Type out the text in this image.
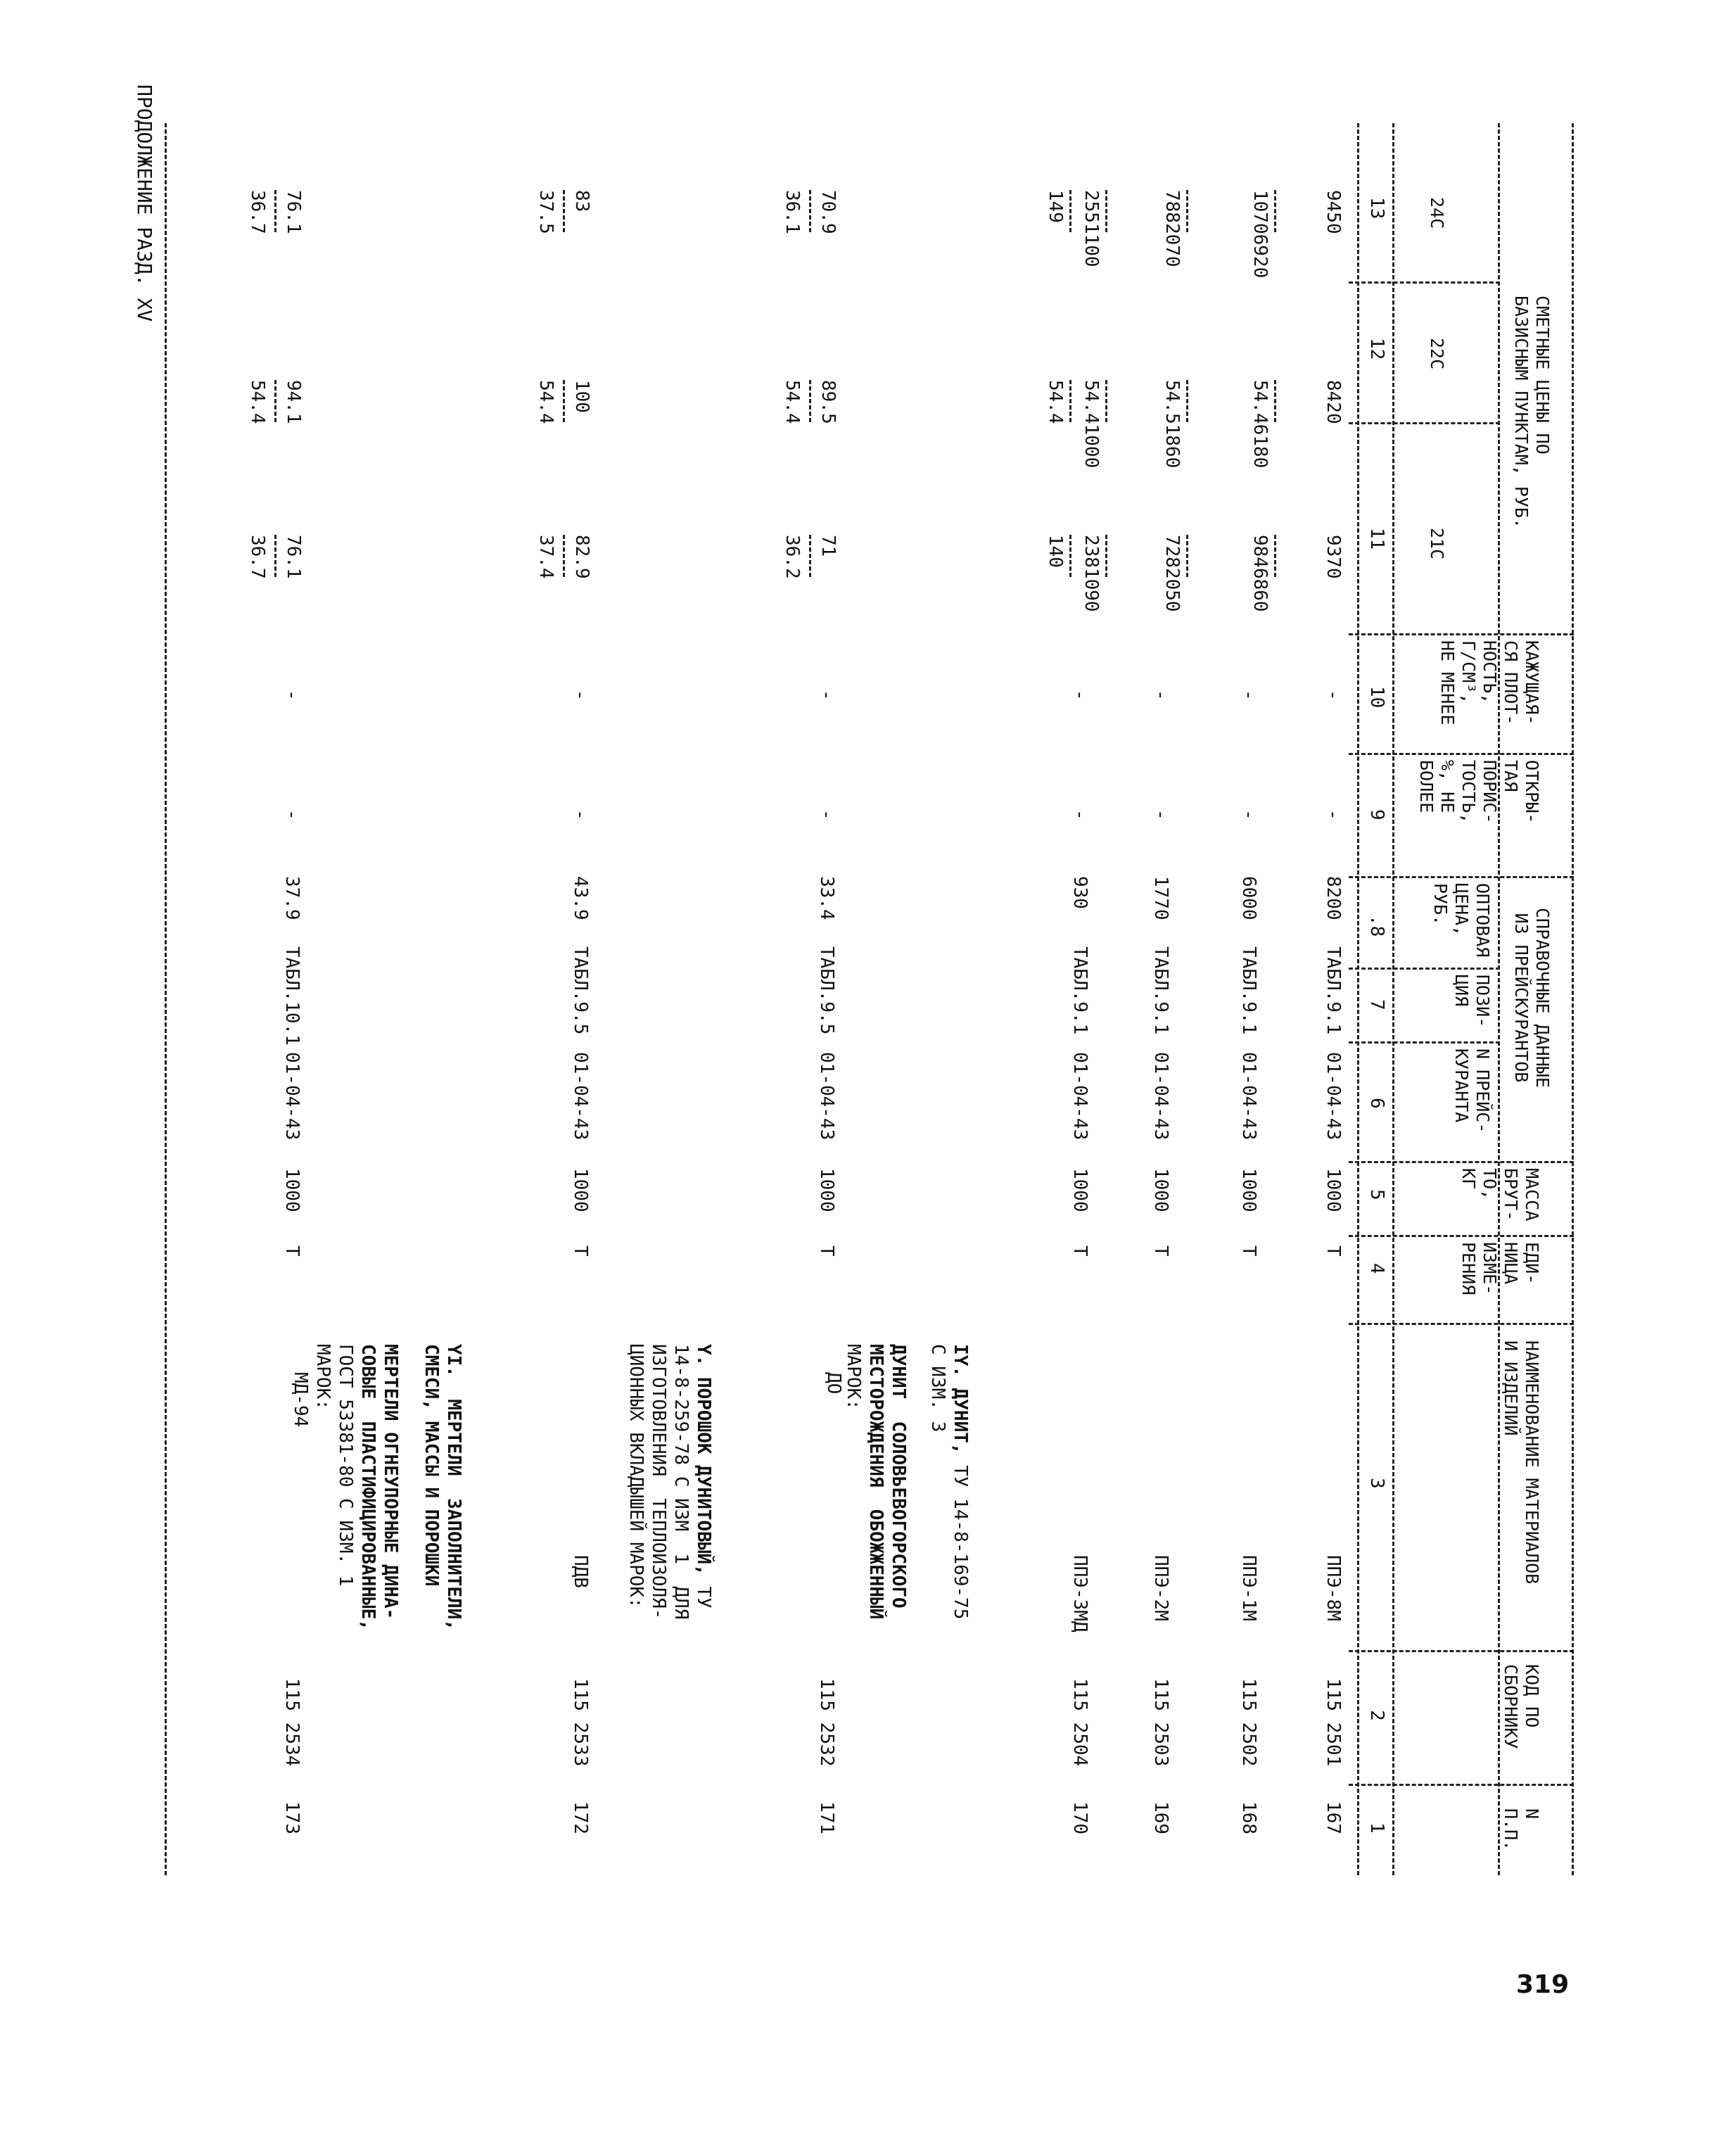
ПРОДОЛЖЕНИЕ РАЗД. XV
N
П.П.
КОД ПО
СБОРНИКУ
НАИМЕНОВАНИЕ МАТЕРИАЛОВ
И ИЗДЕЛИЙ
ЕДИ-
НИЦА
ИЗМЕ-
РЕНИЯ
МАССА
БРУТ-
ТО,
КГ
СПРАВОЧНЫЕ ДАННЫЕ
ИЗ ПРЕЙСКУРАНТОВ
N ПРЕЙС-
КУРАНТА
ПОЗИ-
ЦИЯ
ОПТОВАЯ
ЦЕНА,
РУБ.
ОТКРЫ-
ТАЯ
ПОРИС-
ТОСТЬ,
%, НЕ
БОЛЕЕ
КАЖУЩАЯ-
СЯ ПЛОТ-
НОСТЬ,
Г/СМ³,
НЕ МЕНЕЕ
СМЕТНЫЕ ЦЕНЫ ПО
БАЗИСНЫМ ПУНКТАМ, РУБ.
21С
22С
24С
1
2
3
4
5
6
7
.8
9
10
11
12
13
167
115 2501
ППЭ-8М
Т
1000
01-04-43
ТАБЛ.9.1
8200
-
-
9370
8420
9450
168
115 2502
ППЭ-1М
Т
1000
01-04-43
ТАБЛ.9.1
6000
-
-
9846860
54.46180
10706920
169
115 2503
ППЭ-2М
Т
1000
01-04-43
ТАБЛ.9.1
1770
-
-
7282050
54.51860
7882070
170
115 2504
ППЭ-3МД
Т
1000
01-04-43
ТАБЛ.9.1
930
-
-
2381090
140
54.41000
54.4
2551100
149
IY. ДУНИТ, ТУ 14-8-169-75
С ИЗМ. 3
ДУНИТ  СОЛОВЬЕВОГОРСКОГО
МЕСТОРОЖДЕНИЯ  ОБОЖЖЕННЫЙ
МАРОК:
171
115 2532
ДО
Т
1000
01-04-43
ТАБЛ.9.5
33.4
-
-
71
36.2
89.5
54.4
70.9
36.1
Y. ПОРОШОК ДУНИТОВЫЙ, ТУ
14-8-259-78 С ИЗМ  1  ДЛЯ
ИЗГОТОВЛЕНИЯ  ТЕПЛОИЗОЛЯ-
ЦИОННЫХ ВКЛАДЫШЕЙ МАРОК:
172
115 2533
ПДВ
Т
1000
01-04-43
ТАБЛ.9.5
43.9
-
-
82.9
37.4
100
54.4
83
37.5
YI.  МЕРТЕЛИ  ЗАПОЛНИТЕЛИ,
СМЕСИ, МАССЫ И ПОРОШКИ
МЕРТЕЛИ ОГНЕУПОРНЫЕ ДИНА-
СОВЫЕ  ПЛАСТИФИЦИРОВАННЫЕ,
ГОСТ 53381-80 С ИЗМ. 1
МАРОК:
173
115 2534
МД-94
Т
1000
01-04-43
ТАБЛ.10.1
37.9
-
-
76.1
36.7
94.1
54.4
76.1
36.7
319
